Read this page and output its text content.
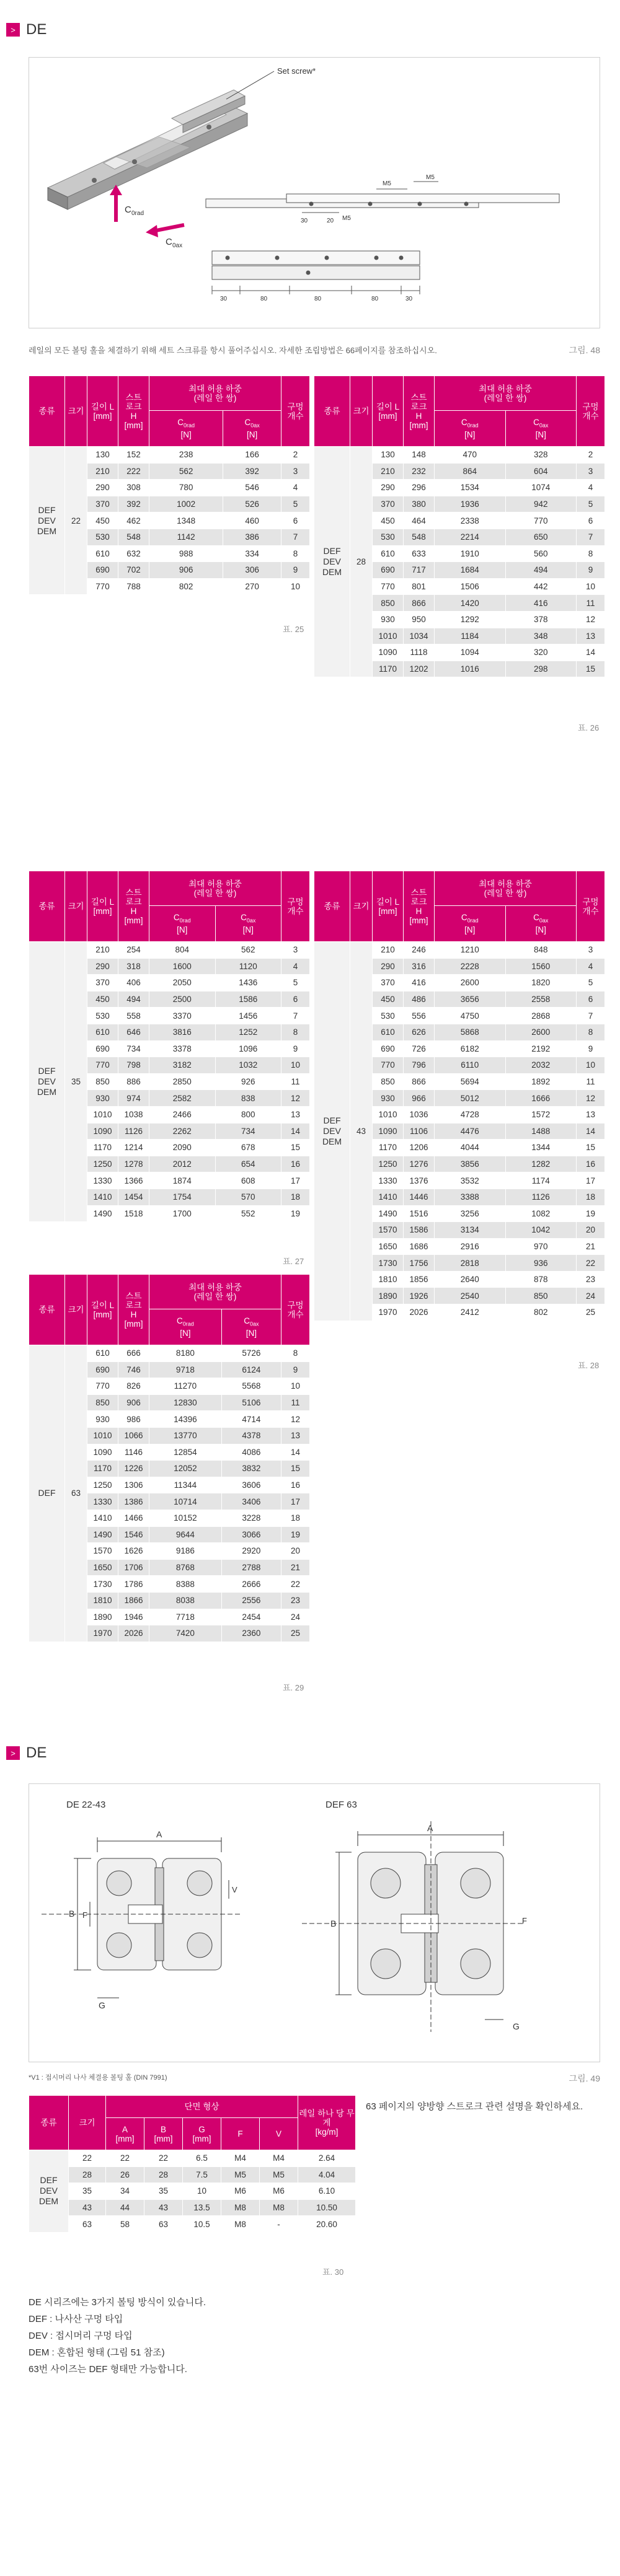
> DE
Set screw*
C 0rad
C 0ax
30	20 M5
M5
M5
30	80	80	80	30
레일의 모든 볼팅 홀을 체결하기 위해 세트 스크류를 항시 풀어주십시오. 자세한 조립방법은 66페이지를 참조하십시오.	그림. 48
종류	크기	길이 L
[mm]	스트
로크
H
[mm]	최대 허용 하중
(레일 한 쌍)		구멍
개수
				$C_{0rad}$
[N]	$C_{0ax}$
[N]	
DEF
DEV
DEM	22	130	152	238	166	2
		210	222	562	392	3
		290	308	780	546	4
		370	392	1002	526	5
		450	462	1348	460	6
		530	548	1142	386	7
		610	632	988	334	8
		690	702	906	306	9
		770	788	802	270	10
표. 25
종류	크기	길이 L
[mm]	스트
로크
H
[mm]	최대 허용 하중
(레일 한 쌍)		구멍
개수
				$C_{0rad}$
[N]	$C_{0ax}$
[N]	
DEF
DEV
DEM	28	130	148	470	328	2
		210	232	864	604	3
		290	296	1534	1074	4
		370	380	1936	942	5
		450	464	2338	770	6
		530	548	2214	650	7
		610	633	1910	560	8
		690	717	1684	494	9
		770	801	1506	442	10
		850	866	1420	416	11
		930	950	1292	378	12
		1010	1034	1184	348	13
		1090	1118	1094	320	14
		1170	1202	1016	298	15
표. 26
종류	크기	길이 L
[mm]	스트
로크
H
[mm]	최대 허용 하중
(레일 한 쌍)		구멍
개수
				$C_{0rad}$
[N]	$C_{0ax}$
[N]	
DEF
DEV
DEM	35	210	254	804	562	3
		290	318	1600	1120	4
		370	406	2050	1436	5
		450	494	2500	1586	6
		530	558	3370	1456	7
		610	646	3816	1252	8
		690	734	3378	1096	9
		770	798	3182	1032	10
		850	886	2850	926	11
		930	974	2582	838	12
		1010	1038	2466	800	13
		1090	1126	2262	734	14
		1170	1214	2090	678	15
		1250	1278	2012	654	16
		1330	1366	1874	608	17
		1410	1454	1754	570	18
		1490	1518	1700	552	19
표. 27
종류	크기	길이 L
[mm]	스트
로크
H
[mm]	최대 허용 하중
(레일 한 쌍)		구멍
개수
				$C_{0rad}$
[N]	$C_{0ax}$
[N]	
DEF
DEV
DEM	43	210	246	1210	848	3
		290	316	2228	1560	4
		370	416	2600	1820	5
		450	486	3656	2558	6
		530	556	4750	2868	7
		610	626	5868	2600	8
		690	726	6182	2192	9
		770	796	6110	2032	10
		850	866	5694	1892	11
		930	966	5012	1666	12
		1010	1036	4728	1572	13
		1090	1106	4476	1488	14
		1170	1206	4044	1344	15
		1250	1276	3856	1282	16
		1330	1376	3532	1174	17
		1410	1446	3388	1126	18
		1490	1516	3256	1082	19
		1570	1586	3134	1042	20
		1650	1686	2916	970	21
		1730	1756	2818	936	22
		1810	1856	2640	878	23
		1890	1926	2540	850	24
		1970	2026	2412	802	25
표. 28
종류	크기	길이 L
[mm]	스트
로크
H
[mm]	최대 허용 하중
(레일 한 쌍)		구멍
개수
				$C_{0rad}$
[N]	$C_{0ax}$
[N]	
DEF	63	610	666	8180	5726	8
		690	746	9718	6124	9
		770	826	11270	5568	10
		850	906	12830	5106	11
		930	986	14396	4714	12
		1010	1066	13770	4378	13
		1090	1146	12854	4086	14
		1170	1226	12052	3832	15
		1250	1306	11344	3606	16
		1330	1386	10714	3406	17
		1410	1466	10152	3228	18
		1490	1546	9644	3066	19
		1570	1626	9186	2920	20
		1650	1706	8768	2788	21
		1730	1786	8388	2666	22
		1810	1866	8038	2556	23
		1890	1946	7718	2454	24
		1970	2026	7420	2360	25
표. 29
> DE
DE 22-43	DEF 63
A
B F
V
G
A
B	F
G
*V1 : 접시머리 나사 체결용 볼팅 홀 (DIN 7991)	그림. 49
종류	크기	단면 형상					레일 하나 당 무게
[kg/m]
		A
[mm]	B
[mm]	G
[mm]	F	V	
DEF
DEV
DEM	22	22	22	6.5	M4	M4	2.64
	28	26	28	7.5	M5	M5	4.04
	35	34	35	10	M6	M6	6.10
	43	44	43	13.5	M8	M8	10.50
	63	58	63	10.5	M8	-	20.60
표. 30
63 페이지의 양방향 스트로크 관련 설명을 확인하세요.
DE 시리즈에는 3가지 볼팅 방식이 있습니다.
DEF : 나사산 구멍 타입
DEV : 접시머리 구멍 타입
DEM : 혼합된 형태 (그림 51 참조)
63번 사이즈는 DEF 형태만 가능합니다.
